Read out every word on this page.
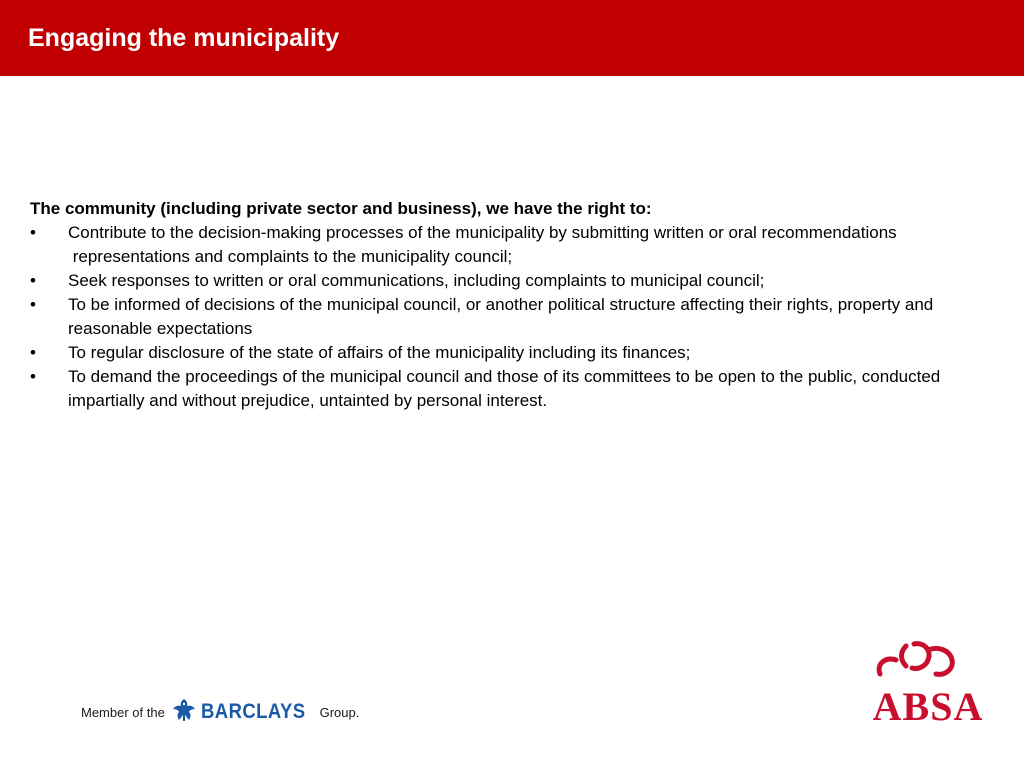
Engaging the municipality

The community (including private sector and business), we have the right to:

• Contribute to the decision-making processes of the municipality by submitting written or oral recommendations
representations and complaints to the municipality council;
• Seek responses to written or oral communications, including complaints to municipal council;
• To be informed of decisions of the municipal council, or another political structure affecting their rights, property and reasonable expectations
• To regular disclosure of the state of affairs of the municipality including its finances;
• To demand the proceedings of the municipal council and those of its committees to be open to the public, conducted impartially and without prejudice, untainted by personal interest.
Member of the BARCLAYS Group.	ABSA
